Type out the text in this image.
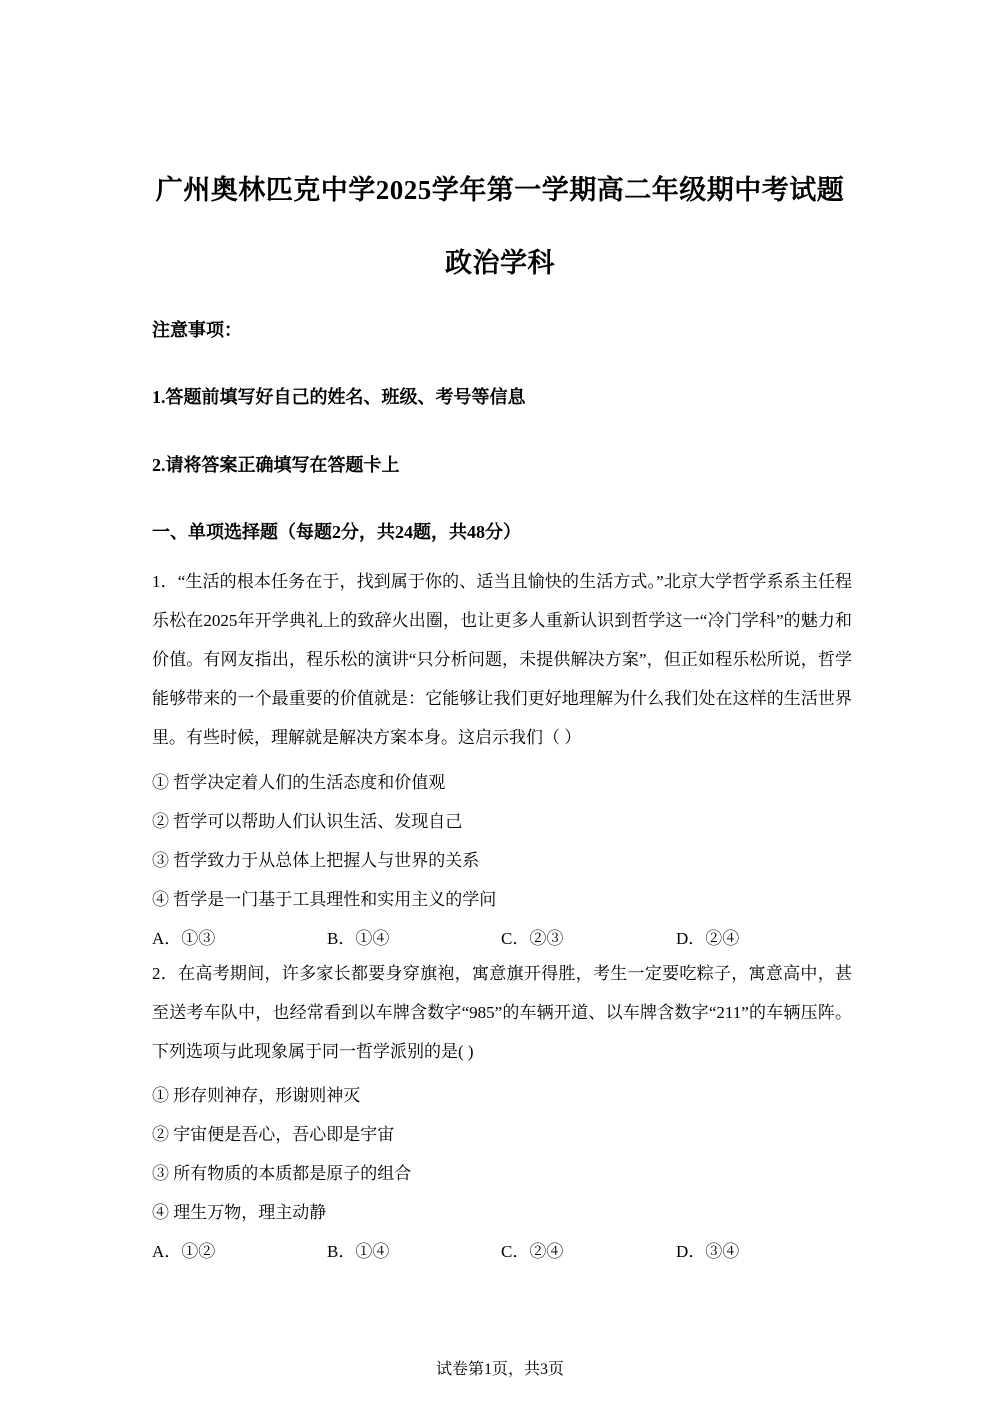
广州奥林匹克中学2025学年第一学期高二年级期中考试题
政治学科
注意事项：
1.答题前填写好自己的姓名、班级、考号等信息
2.请将答案正确填写在答题卡上
一、单项选择题（每题2分，共24题，共48分）
1．“生活的根本任务在于，找到属于你的、适当且愉快的生活方式。”北京大学哲学系系主任程乐松在2025年开学典礼上的致辞火出圈，也让更多人重新认识到哲学这一“冷门学科”的魅力和价值。有网友指出，程乐松的演讲“只分析问题，未提供解决方案”，但正如程乐松所说，哲学能够带来的一个最重要的价值就是：它能够让我们更好地理解为什么我们处在这样的生活世界里。有些时候，理解就是解决方案本身。这启示我们（ ）
① 哲学决定着人们的生活态度和价值观
② 哲学可以帮助人们认识生活、发现自己
③ 哲学致力于从总体上把握人与世界的关系
④ 哲学是一门基于工具理性和实用主义的学问
A．①③	B．①④	C．②③	D．②④
2．在高考期间，许多家长都要身穿旗袍，寓意旗开得胜，考生一定要吃粽子，寓意高中，甚至送考车队中，也经常看到以车牌含数字“985”的车辆开道、以车牌含数字“211”的车辆压阵。下列选项与此现象属于同一哲学派别的是( )
① 形存则神存，形谢则神灭
② 宇宙便是吾心，吾心即是宇宙
③ 所有物质的本质都是原子的组合
④ 理生万物，理主动静
A．①②	B．①④	C．②④	D．③④
试卷第1页，共3页
